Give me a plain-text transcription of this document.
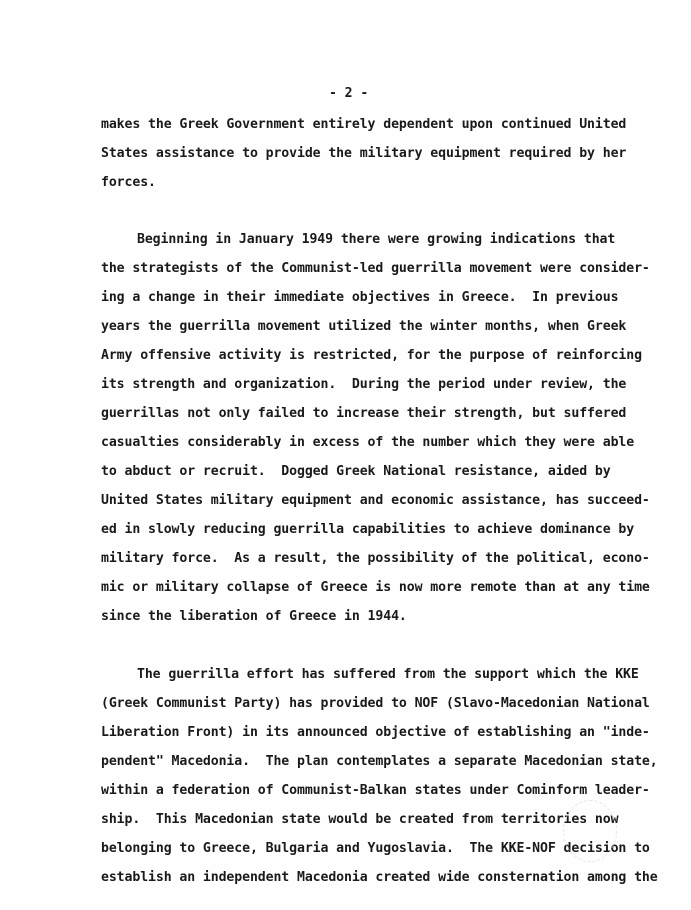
- 2 -
makes the Greek Government entirely dependent upon continued United
States assistance to provide the military equipment required by her
forces.
Beginning in January 1949 there were growing indications that
the strategists of the Communist-led guerrilla movement were consider-
ing a change in their immediate objectives in Greece.  In previous
years the guerrilla movement utilized the winter months, when Greek
Army offensive activity is restricted, for the purpose of reinforcing
its strength and organization.  During the period under review, the
guerrillas not only failed to increase their strength, but suffered
casualties considerably in excess of the number which they were able
to abduct or recruit.  Dogged Greek National resistance, aided by
United States military equipment and economic assistance, has succeed-
ed in slowly reducing guerrilla capabilities to achieve dominance by
military force.  As a result, the possibility of the political, econo-
mic or military collapse of Greece is now more remote than at any time
since the liberation of Greece in 1944.
The guerrilla effort has suffered from the support which the KKE
(Greek Communist Party) has provided to NOF (Slavo-Macedonian National
Liberation Front) in its announced objective of establishing an "inde-
pendent" Macedonia.  The plan contemplates a separate Macedonian state,
within a federation of Communist-Balkan states under Cominform leader-
ship.  This Macedonian state would be created from territories now
belonging to Greece, Bulgaria and Yugoslavia.  The KKE-NOF decision to
establish an independent Macedonia created wide consternation among the
